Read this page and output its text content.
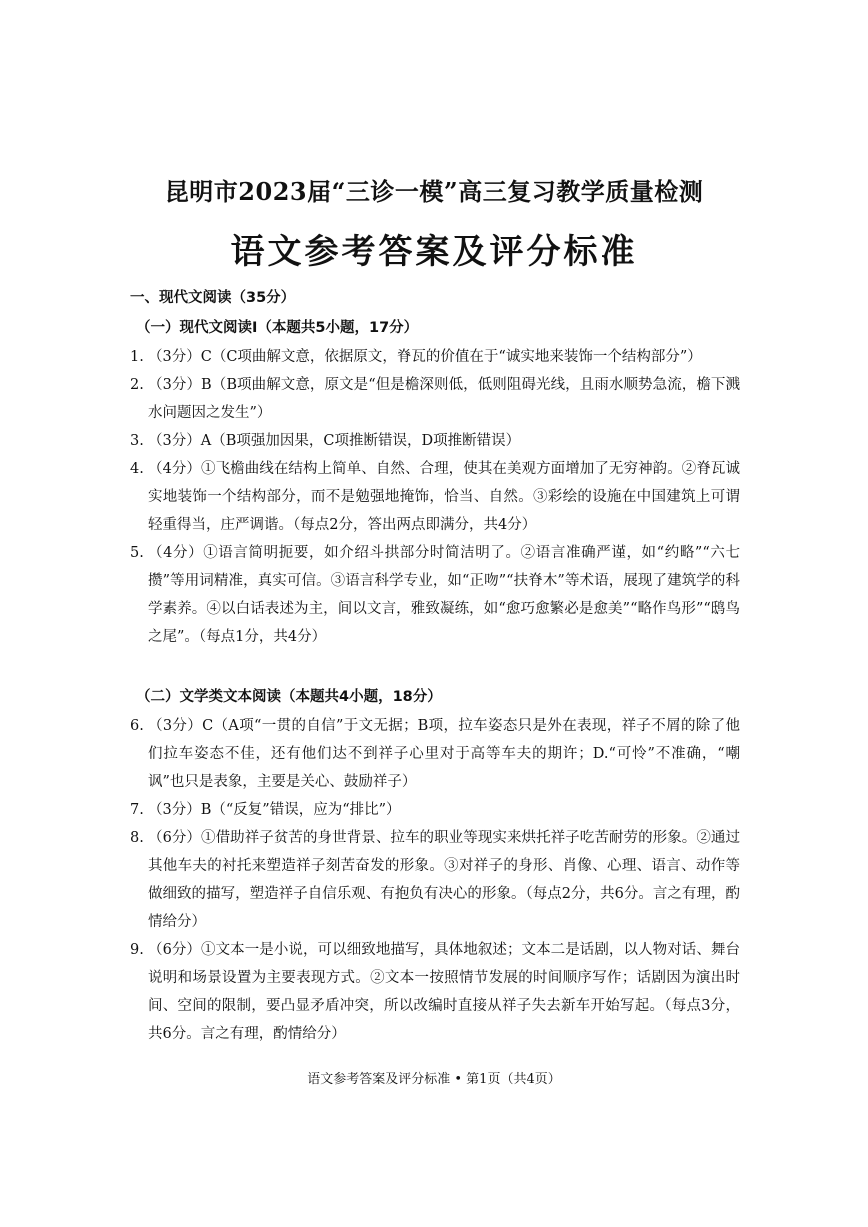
昆明市2023届“三诊一模”高三复习教学质量检测
语文参考答案及评分标准
一、现代文阅读（35分）
（一）现代文阅读Ⅰ（本题共5小题，17分）
1. （3分）C（C项曲解文意，依据原文，脊瓦的价值在于“诚实地来装饰一个结构部分”）
2. （3分）B（B项曲解文意，原文是“但是檐深则低，低则阻碍光线，且雨水顺势急流，檐下溅水问题因之发生”）
3. （3分）A（B项强加因果，C项推断错误，D项推断错误）
4. （4分）①飞檐曲线在结构上简单、自然、合理，使其在美观方面增加了无穷神韵。②脊瓦诚实地装饰一个结构部分，而不是勉强地掩饰，恰当、自然。③彩绘的设施在中国建筑上可谓轻重得当，庄严调谐。（每点2分，答出两点即满分，共4分）
5. （4分）①语言简明扼要，如介绍斗拱部分时简洁明了。②语言准确严谨，如“约略”“六七攒”等用词精准，真实可信。③语言科学专业，如“正吻”“扶脊木”等术语，展现了建筑学的科学素养。④以白话表述为主，间以文言，雅致凝练，如“愈巧愈繁必是愈美”“略作鸟形”“鸱鸟之尾”。（每点1分，共4分）
（二）文学类文本阅读（本题共4小题，18分）
6. （3分）C（A项“一贯的自信”于文无据；B项，拉车姿态只是外在表现，祥子不屑的除了他们拉车姿态不佳，还有他们达不到祥子心里对于高等车夫的期许；D.“可怜”不准确，“嘲讽”也只是表象，主要是关心、鼓励祥子）
7. （3分）B（“反复”错误，应为“排比”）
8. （6分）①借助祥子贫苦的身世背景、拉车的职业等现实来烘托祥子吃苦耐劳的形象。②通过其他车夫的衬托来塑造祥子刻苦奋发的形象。③对祥子的身形、肖像、心理、语言、动作等做细致的描写，塑造祥子自信乐观、有抱负有决心的形象。（每点2分，共6分。言之有理，酌情给分）
9. （6分）①文本一是小说，可以细致地描写，具体地叙述；文本二是话剧，以人物对话、舞台说明和场景设置为主要表现方式。②文本一按照情节发展的时间顺序写作；话剧因为演出时间、空间的限制，要凸显矛盾冲突，所以改编时直接从祥子失去新车开始写起。（每点3分，共6分。言之有理，酌情给分）
语文参考答案及评分标准 • 第1页（共4页）
